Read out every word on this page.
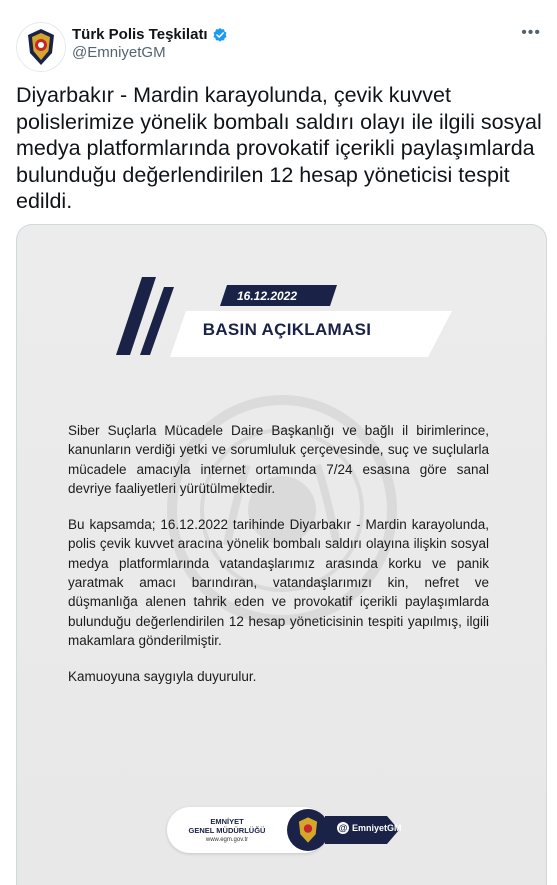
Türk Polis Teşkilatı
@EmniyetGM
•••
Diyarbakır - Mardin karayolunda, çevik kuvvet polislerimize yönelik bombalı saldırı olayı ile ilgili sosyal medya platformlarında provokatif içerikli paylaşımlarda bulunduğu değerlendirilen 12 hesap yöneticisi tespit edildi.
16.12.2022
BASIN AÇIKLAMASI

Siber Suçlarla Mücadele Daire Başkanlığı ve bağlı il birimlerince, kanunların verdiği yetki ve sorumluluk çerçevesinde, suç ve suçlularla mücadele amacıyla internet ortamında 7/24 esasına göre sanal devriye faaliyetleri yürütülmektedir.

Bu kapsamda; 16.12.2022 tarihinde Diyarbakır - Mardin karayolunda, polis çevik kuvvet aracına yönelik bombalı saldırı olayına ilişkin sosyal medya platformlarında vatandaşlarımız arasında korku ve panik yaratmak amacı barındıran, vatandaşlarımızı kin, nefret ve düşmanlığa alenen tahrik eden ve provokatif içerikli paylaşımlarda bulunduğu değerlendirilen 12 hesap yöneticisinin tespiti yapılmış, ilgili makamlara gönderilmiştir.

Kamuoyuna saygıyla duyurulur.

EMNİYET
GENEL MÜDÜRLÜĞÜ
www.egm.gov.tr
@ EmniyetGM
